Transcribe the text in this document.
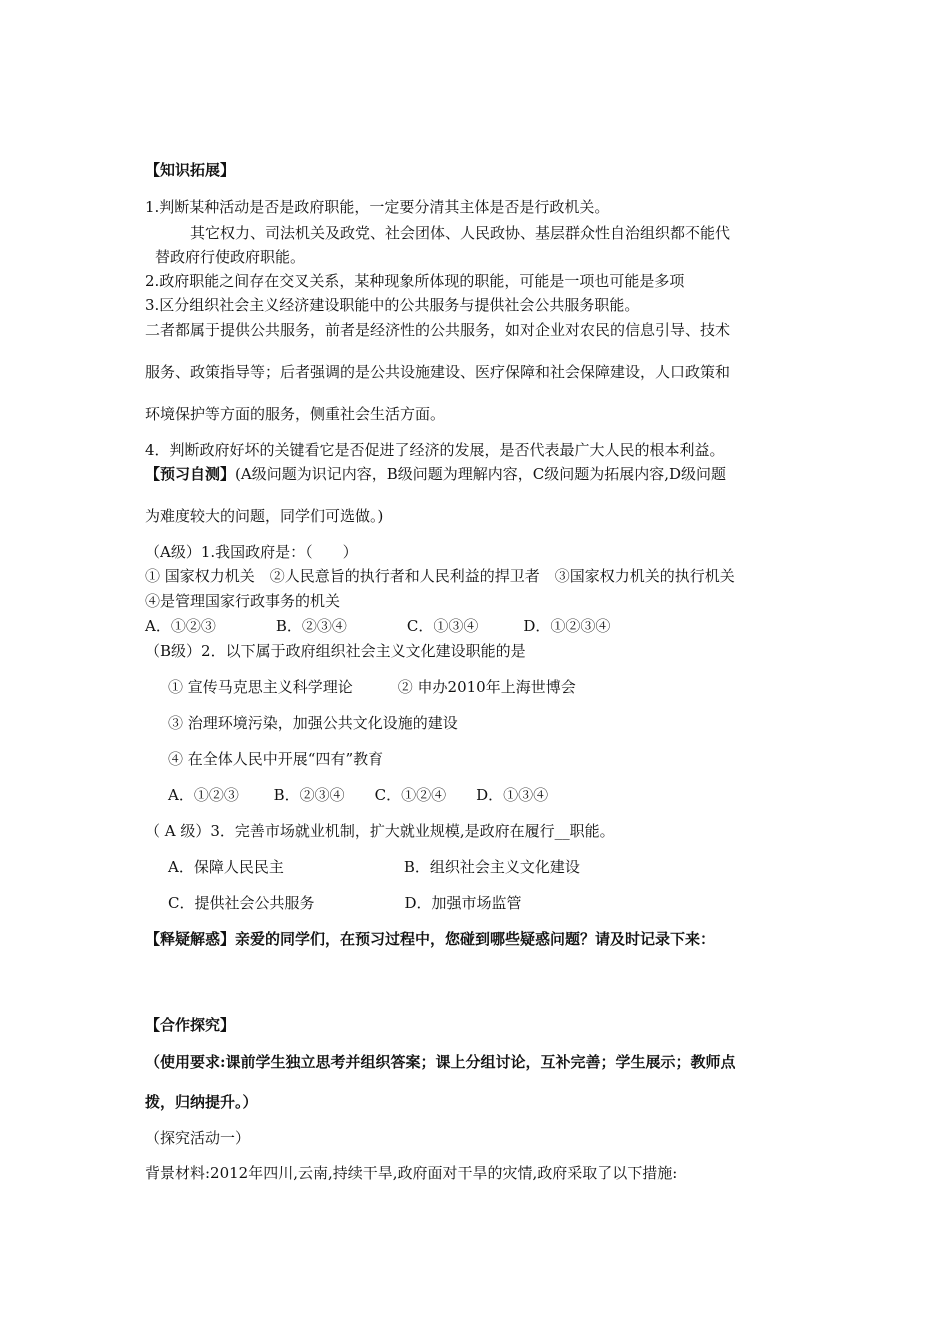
【知识拓展】
1.判断某种活动是否是政府职能，一定要分清其主体是否是行政机关。
其它权力、司法机关及政党、社会团体、人民政协、基层群众性自治组织都不能代
替政府行使政府职能。
2.政府职能之间存在交叉关系，某种现象所体现的职能，可能是一项也可能是多项
3.区分组织社会主义经济建设职能中的公共服务与提供社会公共服务职能。
二者都属于提供公共服务，前者是经济性的公共服务，如对企业对农民的信息引导、技术
服务、政策指导等；后者强调的是公共设施建设、医疗保障和社会保障建设，人口政策和
环境保护等方面的服务，侧重社会生活方面。
4．判断政府好坏的关键看它是否促进了经济的发展，是否代表最广大人民的根本利益。
【预习自测】(A级问题为识记内容，B级问题为理解内容，C级问题为拓展内容,D级问题
为难度较大的问题，同学们可选做。)
（A级）1.我国政府是：（　　）
① 国家权力机关　②人民意旨的执行者和人民利益的捍卫者　③国家权力机关的执行机关
④是管理国家行政事务的机关
A．①②③　　　　B．②③④　　　　C．①③④　　　D．①②③④
（B级）2．以下属于政府组织社会主义文化建设职能的是
① 宣传马克思主义科学理论　　　② 申办2010年上海世博会
③ 治理环境污染，加强公共文化设施的建设
④ 在全体人民中开展“四有”教育
A．①②③　　 B．②③④　　C．①②④　　D．①③④
（ A 级）3．完善市场就业机制，扩大就业规模,是政府在履行__职能。
A．保障人民民主　　　　　　　　B．组织社会主义文化建设
C．提供社会公共服务　　　　　　D．加强市场监管
【释疑解惑】亲爱的同学们，在预习过程中，您碰到哪些疑惑问题？请及时记录下来：
【合作探究】
（使用要求:课前学生独立思考并组织答案；课上分组讨论，互补完善；学生展示；教师点
拨，归纳提升。）
（探究活动一）
背景材料:2012年四川,云南,持续干旱,政府面对干旱的灾情,政府采取了以下措施:
